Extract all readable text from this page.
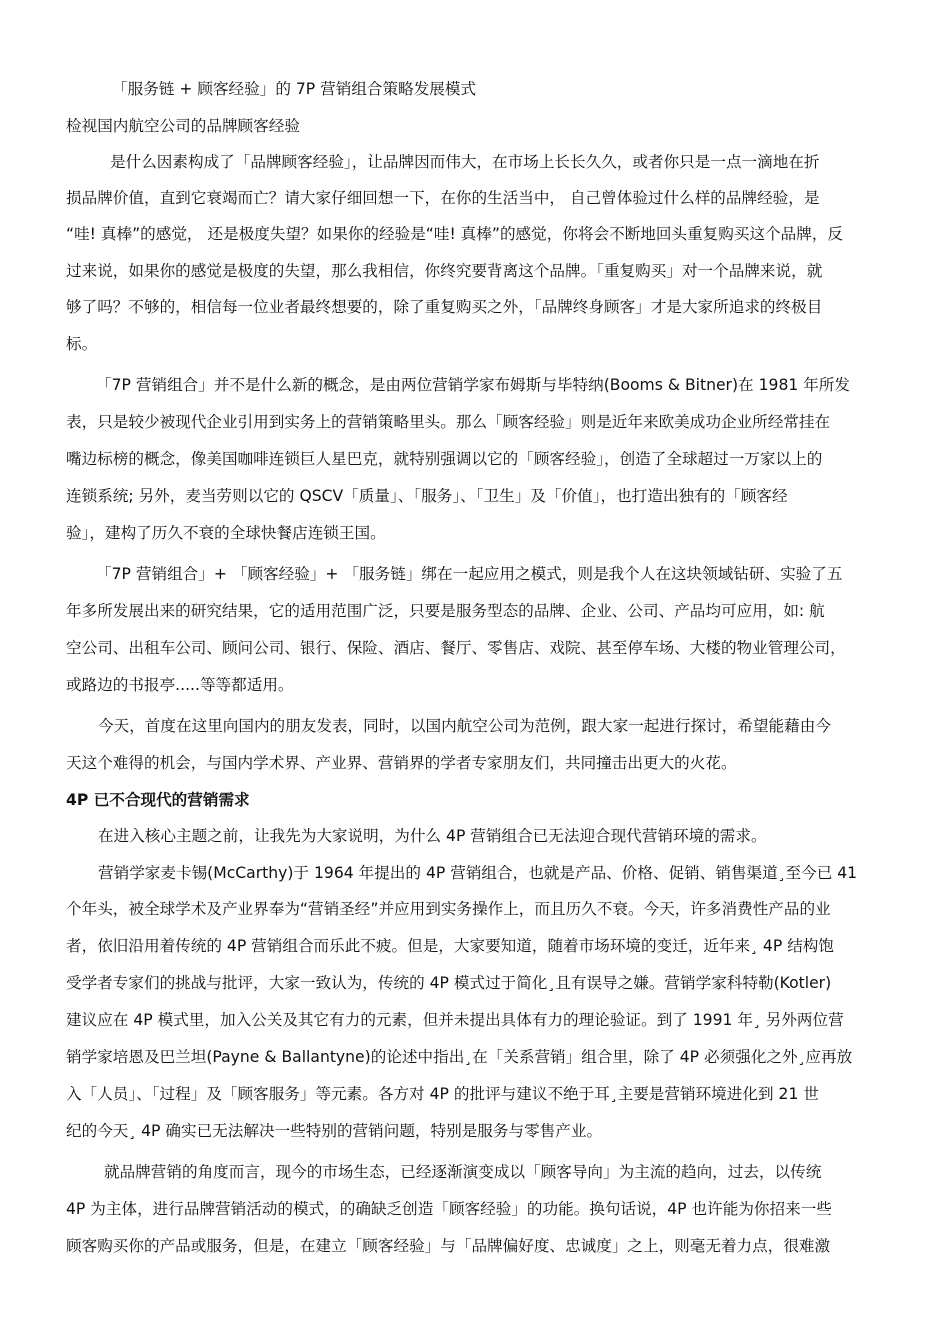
「服务链 + 顾客经验」的 7P 营销组合策略发展模式
检视国内航空公司的品牌顾客经验
是什么因素构成了「品牌顾客经验」，让品牌因而伟大，在市场上长长久久，或者你只是一点一滴地在折
损品牌价值，直到它衰竭而亡？请大家仔细回想一下，在你的生活当中， 自己曾体验过什么样的品牌经验，是
“哇! 真棒”的感觉， 还是极度失望？如果你的经验是“哇! 真棒”的感觉，你将会不断地回头重复购买这个品牌，反
过来说，如果你的感觉是极度的失望，那么我相信，你终究要背离这个品牌。「重复购买」对一个品牌来说，就
够了吗？不够的，相信每一位业者最终想要的，除了重复购买之外，「品牌终身顾客」才是大家所追求的终极目
标。
「7P 营销组合」并不是什么新的概念，是由两位营销学家布姆斯与毕特纳(Booms & Bitner)在 1981 年所发
表，只是较少被现代企业引用到实务上的营销策略里头。那么「顾客经验」则是近年来欧美成功企业所经常挂在
嘴边标榜的概念，像美国咖啡连锁巨人星巴克，就特别强调以它的「顾客经验」，创造了全球超过一万家以上的
连锁系统; 另外，麦当劳则以它的 QSCV「质量」、「服务」、「卫生」及「价值」，也打造出独有的「顾客经
验」，建构了历久不衰的全球快餐店连锁王国。
「7P 营销组合」+ 「顾客经验」+ 「服务链」绑在一起应用之模式，则是我个人在这块领域钻研、实验了五
年多所发展出来的研究结果，它的适用范围广泛，只要是服务型态的品牌、企业、公司、产品均可应用，如: 航
空公司、出租车公司、顾问公司、银行、保险、酒店、餐厅、零售店、戏院、甚至停车场、大楼的物业管理公司，
或路边的书报亭.....等等都适用。
今天，首度在这里向国内的朋友发表，同时，以国内航空公司为范例，跟大家一起进行探讨，希望能藉由今
天这个难得的机会，与国内学术界、产业界、营销界的学者专家朋友们，共同撞击出更大的火花。
4P 已不合现代的营销需求
在进入核心主题之前，让我先为大家说明，为什么 4P 营销组合已无法迎合现代营销环境的需求。
营销学家麦卡锡(McCarthy)于 1964 年提出的 4P 营销组合，也就是产品、价格、促销、销售渠道¸至今已 41
个年头，被全球学术及产业界奉为“营销圣经”并应用到实务操作上，而且历久不衰。今天，许多消费性产品的业
者，依旧沿用着传统的 4P 营销组合而乐此不疲。但是，大家要知道，随着市场环境的变迁，近年来¸ 4P 结构饱
受学者专家们的挑战与批评，大家一致认为，传统的 4P 模式过于简化¸且有误导之嫌。营销学家科特勒(Kotler)
建议应在 4P 模式里，加入公关及其它有力的元素，但并未提出具体有力的理论验证。到了 1991 年¸ 另外两位营
销学家培恩及巴兰坦(Payne & Ballantyne)的论述中指出¸在「关系营销」组合里，除了 4P 必须强化之外¸应再放
入「人员」、「过程」及「顾客服务」等元素。各方对 4P 的批评与建议不绝于耳¸主要是营销环境进化到 21 世
纪的今天¸ 4P 确实已无法解决一些特别的营销问题，特别是服务与零售产业。
就品牌营销的角度而言，现今的市场生态，已经逐渐演变成以「顾客导向」为主流的趋向，过去，以传统
4P 为主体，进行品牌营销活动的模式，的确缺乏创造「顾客经验」的功能。换句话说，4P 也许能为你招来一些
顾客购买你的产品或服务，但是，在建立「顾客经验」与「品牌偏好度、忠诚度」之上，则毫无着力点，很难激
